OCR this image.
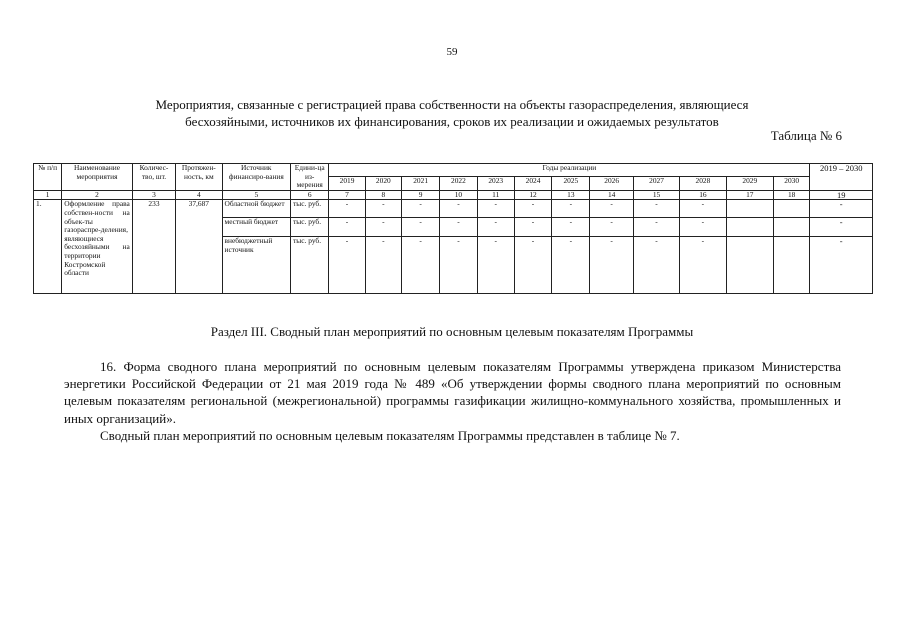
59
Мероприятия, связанные с регистрацией права собственности на объекты газораспределения, являющиеся
бесхозяйными, источников их финансирования, сроков их реализации и ожидаемых результатов
Таблица № 6
№ п/п	Наименование мероприятия	Количес-тво, шт.	Протяжен-ность, км	Источник финансиро-вания	Едини-ца из-мерения	Годы реализации												2019 – 2030
						2019	2020	2021	2022	2023	2024	2025	2026	2027	2028	2029	2030	
1	2	3	4	5	6	7	8	9	10	11	12	13	14	15	16	17	18	19
1.	Оформление права собствен-ности на объек-ты газораспре-деления, являющиеся бесхозяйными на территории Костромской области	233	37,687	Областной бюджет	тыс. руб.	-	-	-	-	-	-	-	-	-	-			-
				местный бюджет	тыс. руб.	-	-	-	-	-	-	-	-	-	-			-
				внебюджетный источник	тыс. руб.	-	-	-	-	-	-	-	-	-	-			-
Раздел III. Сводный план мероприятий по основным целевым показателям Программы

16. Форма сводного плана мероприятий по основным целевым показателям Программы утверждена приказом Министерства энергетики Российской Федерации от 21 мая 2019 года № 489 «Об утверждении формы сводного плана мероприятий по основным целевым показателям региональной (межрегиональной) программы газификации жилищно-коммунального хозяйства, промышленных и иных организаций».

Сводный план мероприятий по основным целевым показателям Программы представлен в таблице № 7.
